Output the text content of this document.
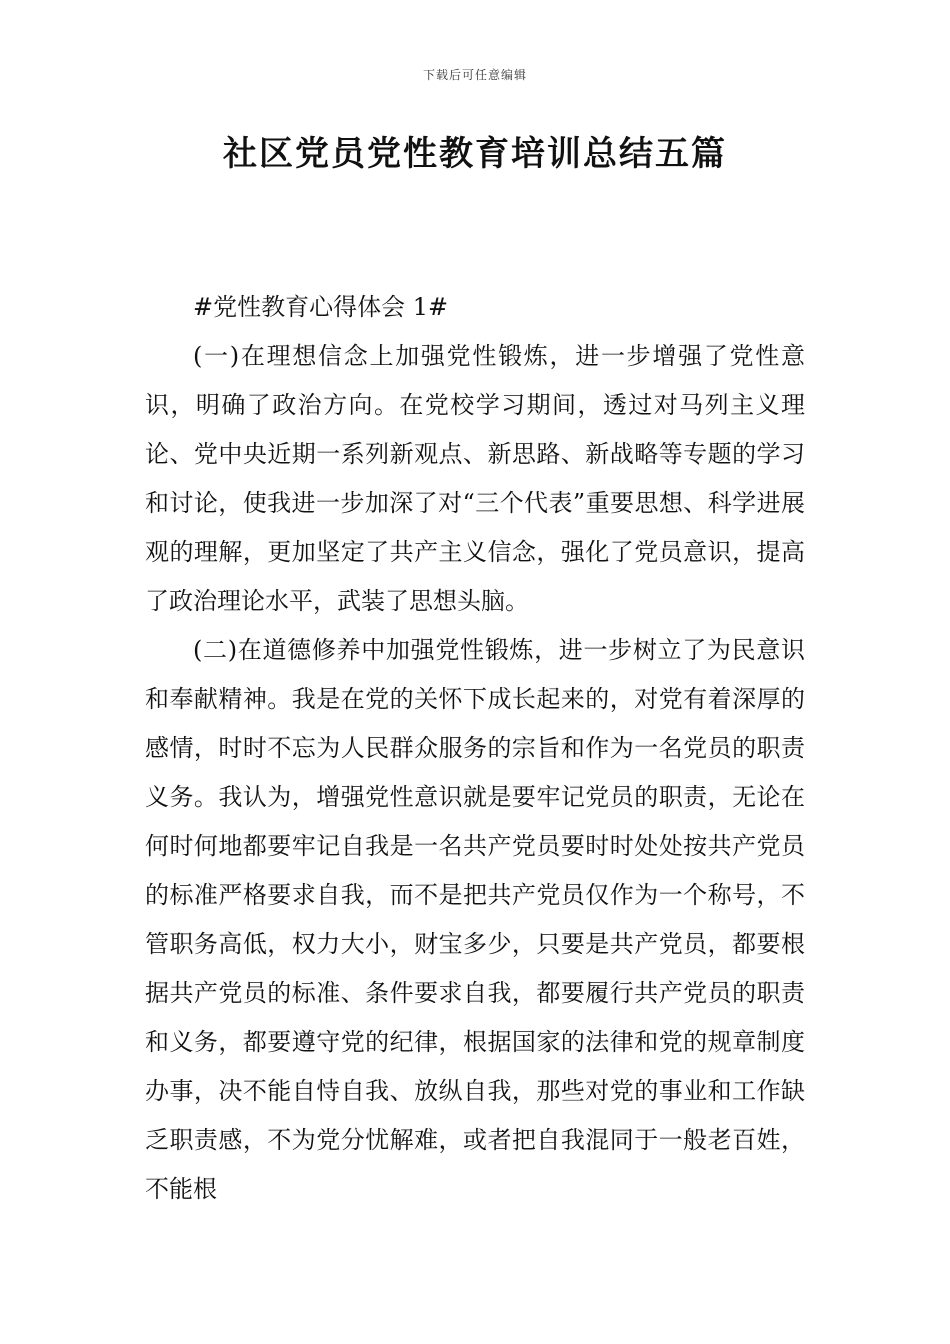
下载后可任意编辑
社区党员党性教育培训总结五篇

#党性教育心得体会 1#

(一)在理想信念上加强党性锻炼，进一步增强了党性意识，明确了政治方向。在党校学习期间，透过对马列主义理论、党中央近期一系列新观点、新思路、新战略等专题的学习和讨论，使我进一步加深了对“三个代表”重要思想、科学进展观的理解，更加坚定了共产主义信念，强化了党员意识，提高了政治理论水平，武装了思想头脑。

(二)在道德修养中加强党性锻炼，进一步树立了为民意识和奉献精神。我是在党的关怀下成长起来的，对党有着深厚的感情，时时不忘为人民群众服务的宗旨和作为一名党员的职责义务。我认为，增强党性意识就是要牢记党员的职责，无论在何时何地都要牢记自我是一名共产党员要时时处处按共产党员的标准严格要求自我，而不是把共产党员仅作为一个称号，不管职务高低，权力大小，财宝多少，只要是共产党员，都要根据共产党员的标准、条件要求自我，都要履行共产党员的职责和义务，都要遵守党的纪律，根据国家的法律和党的规章制度办事，决不能自恃自我、放纵自我，那些对党的事业和工作缺乏职责感，不为党分忧解难，或者把自我混同于一般老百姓，不能根
